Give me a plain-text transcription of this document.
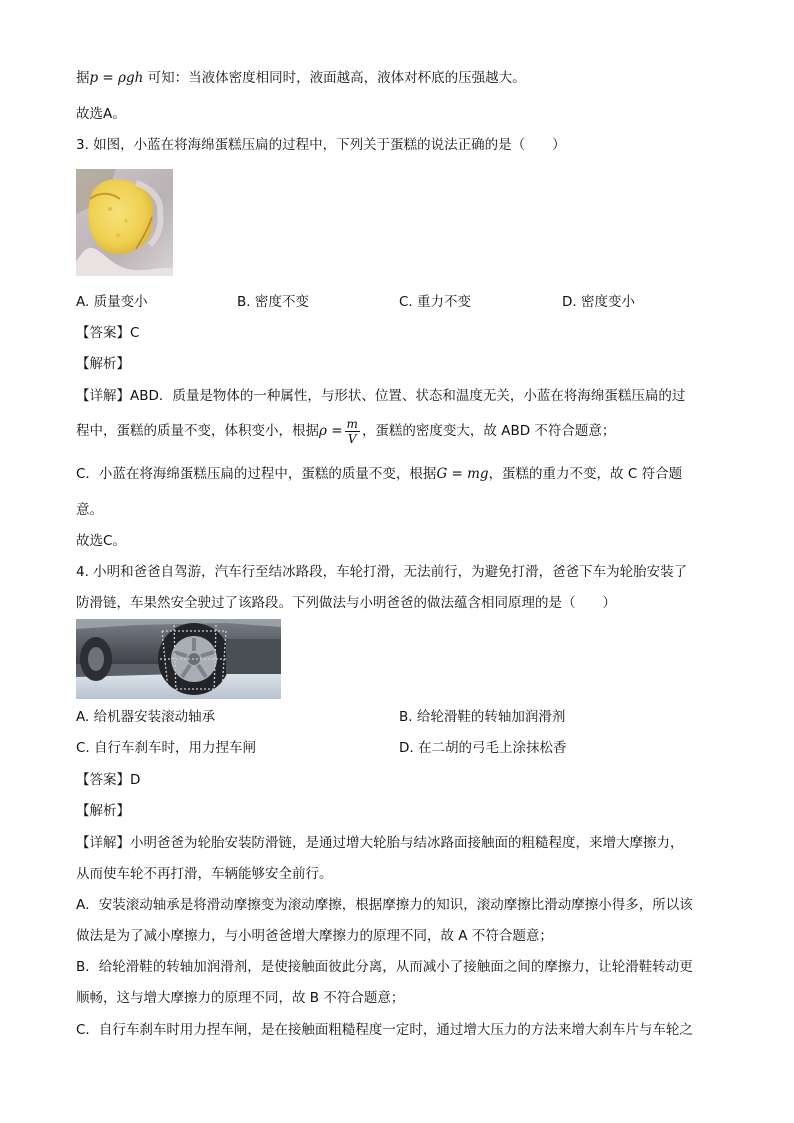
据p = ρgh 可知：当液体密度相同时，液面越高，液体对杯底的压强越大。
故选A。
3. 如图，小蓝在将海绵蛋糕压扁的过程中，下列关于蛋糕的说法正确的是（　　）
A. 质量变小	B. 密度不变	C. 重力不变	D. 密度变小
【答案】C
【解析】
【详解】ABD．质量是物体的一种属性，与形状、位置、状态和温度无关，小蓝在将海绵蛋糕压扁的过
程中，蛋糕的质量不变，体积变小，根据$\rho = \frac{m}{V}$ ，蛋糕的密度变大，故 ABD 不符合题意；
C．小蓝在将海绵蛋糕压扁的过程中，蛋糕的质量不变，根据G = mg，蛋糕的重力不变，故 C 符合题
意。
故选C。
4. 小明和爸爸自驾游，汽车行至结冰路段，车轮打滑，无法前行，为避免打滑，爸爸下车为轮胎安装了
防滑链，车果然安全驶过了该路段。下列做法与小明爸爸的做法蕴含相同原理的是（　　）
A. 给机器安装滚动轴承	B. 给轮滑鞋的转轴加润滑剂
C. 自行车刹车时，用力捏车闸	D. 在二胡的弓毛上涂抹松香
【答案】D
【解析】
【详解】小明爸爸为轮胎安装防滑链，是通过增大轮胎与结冰路面接触面的粗糙程度，来增大摩擦力，
从而使车轮不再打滑，车辆能够安全前行。
A．安装滚动轴承是将滑动摩擦变为滚动摩擦，根据摩擦力的知识，滚动摩擦比滑动摩擦小得多，所以该
做法是为了减小摩擦力，与小明爸爸增大摩擦力的原理不同，故 A 不符合题意；
B．给轮滑鞋的转轴加润滑剂，是使接触面彼此分离，从而减小了接触面之间的摩擦力，让轮滑鞋转动更
顺畅，这与增大摩擦力的原理不同，故 B 不符合题意；
C．自行车刹车时用力捏车闸，是在接触面粗糙程度一定时，通过增大压力的方法来增大刹车片与车轮之
